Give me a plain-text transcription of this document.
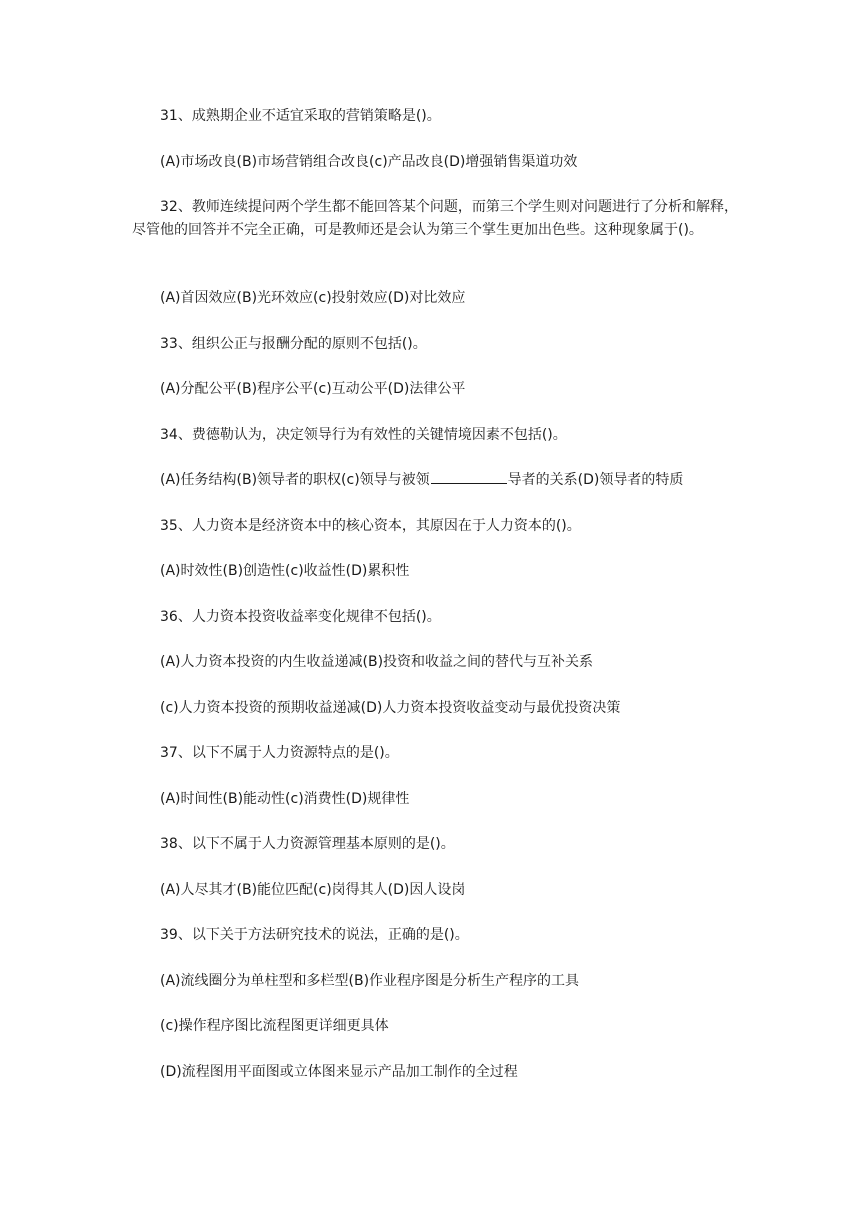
31、成熟期企业不适宜采取的营销策略是()。
(A)市场改良(B)市场营销组合改良(c)产品改良(D)增强销售渠道功效
32、教师连续提问两个学生都不能回答某个问题，而第三个学生则对问题进行了分析和解释，尽管他的回答并不完全正确，可是教师还是会认为第三个掌生更加出色些。这种现象属于()。
(A)首因效应(B)光环效应(c)投射效应(D)对比效应
33、组织公正与报酬分配的原则不包括()。
(A)分配公平(B)程序公平(c)互动公平(D)法律公平
34、费德勒认为，决定领导行为有效性的关键情境因素不包括()。
(A)任务结构(B)领导者的职权(c)领导与被领	导者的关系(D)领导者的特质
35、人力资本是经济资本中的核心资本，其原因在于人力资本的()。
(A)时效性(B)创造性(c)收益性(D)累积性
36、人力资本投资收益率变化规律不包括()。
(A)人力资本投资的内生收益递减(B)投资和收益之间的替代与互补关系
(c)人力资本投资的预期收益递减(D)人力资本投资收益变动与最优投资决策
37、以下不属于人力资源特点的是()。
(A)时间性(B)能动性(c)消费性(D)规律性
38、以下不属于人力资源管理基本原则的是()。
(A)人尽其才(B)能位匹配(c)岗得其人(D)因人设岗
39、以下关于方法研究技术的说法，正确的是()。
(A)流线圈分为单柱型和多栏型(B)作业程序图是分析生产程序的工具
(c)操作程序图比流程图更详细更具体
(D)流程图用平面图或立体图来显示产品加工制作的全过程
